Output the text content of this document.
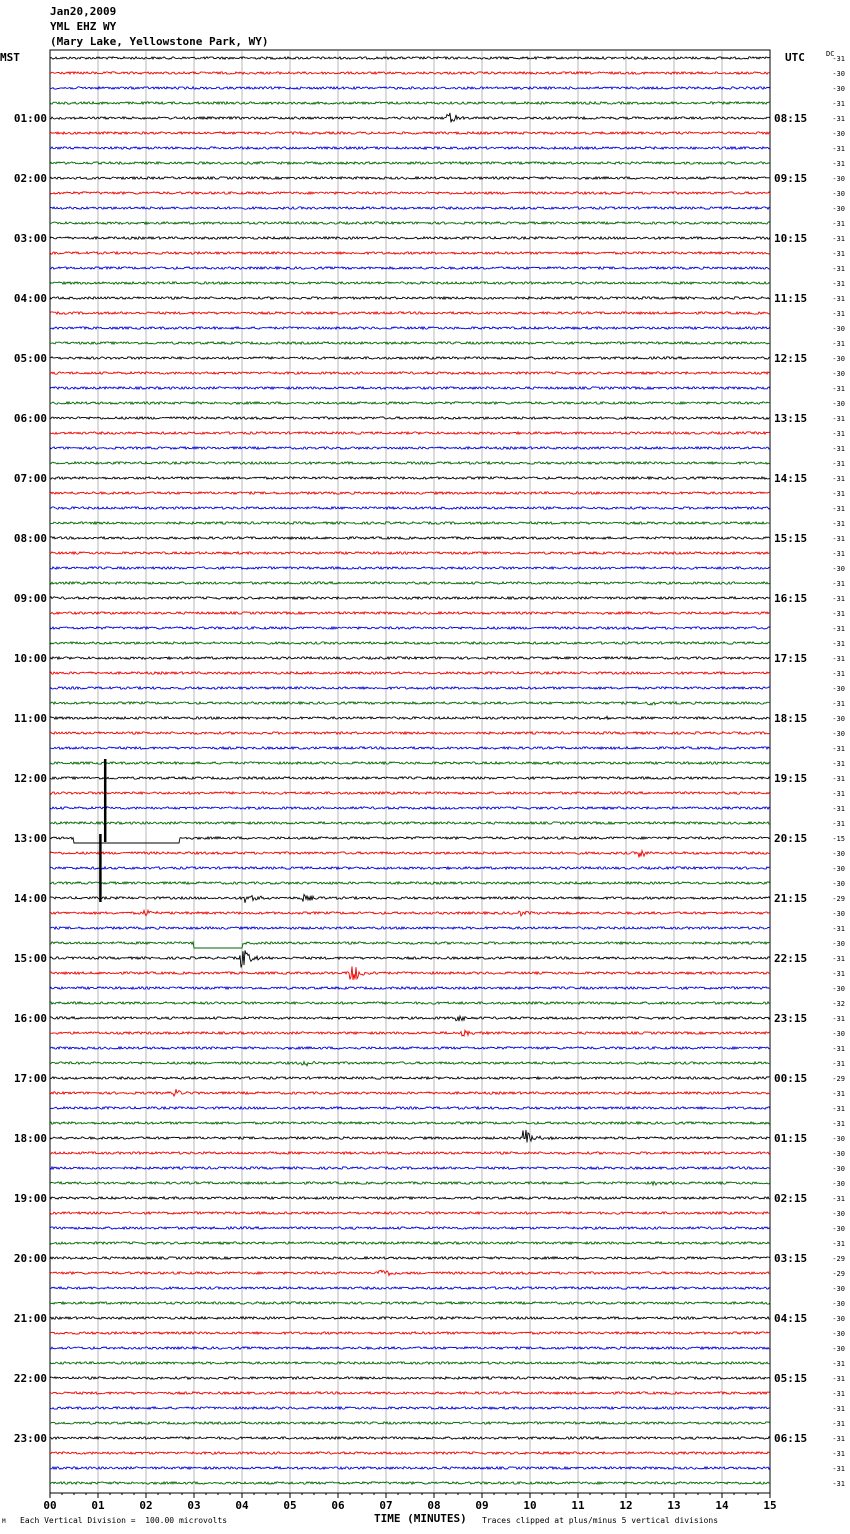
Jan20,2009
YML EHZ WY
(Mary Lake, Yellowstone Park, WY)
MST	UTC	DC
00	01	02	03	04	05	06	07	08	09	10	11	12	13	14	15
01:00	08:15
02:00	09:15
03:00	10:15
04:00	11:15
05:00	12:15
06:00	13:15
07:00	14:15
08:00	15:15
09:00	16:15
10:00	17:15
11:00	18:15
12:00	19:15
13:00	20:15
14:00	21:15
15:00	22:15
16:00	23:15
17:00	00:15
18:00	01:15
19:00	02:15
20:00	03:15
21:00	04:15
22:00	05:15
23:00	06:15
-31
-30
-30
-31
-31
-30
-31
-31
-30
-30
-30
-31
-31
-31
-31
-31
-31
-31
-30
-31
-30
-30
-31
-30
-31
-31
-31
-31
-31
-31
-31
-31
-31
-31
-30
-31
-31
-31
-31
-31
-31
-31
-30
-31
-30
-30
-31
-31
-31
-31
-31
-31
-15
-30
-30
-30
-29
-30
-31
-30
-31
-31
-30
-32
-31
-30
-31
-31
-29
-31
-31
-31
-30
-30
-30
-30
-31
-30
-30
-31
-29
-29
-30
-30
-30
-30
-30
-31
-31
-31
-31
-31
-31
-31
-31
-31
TIME (MINUTES)
Each Vertical Division =  100.00 microvolts	Traces clipped at plus/minus 5 vertical divisions
M
